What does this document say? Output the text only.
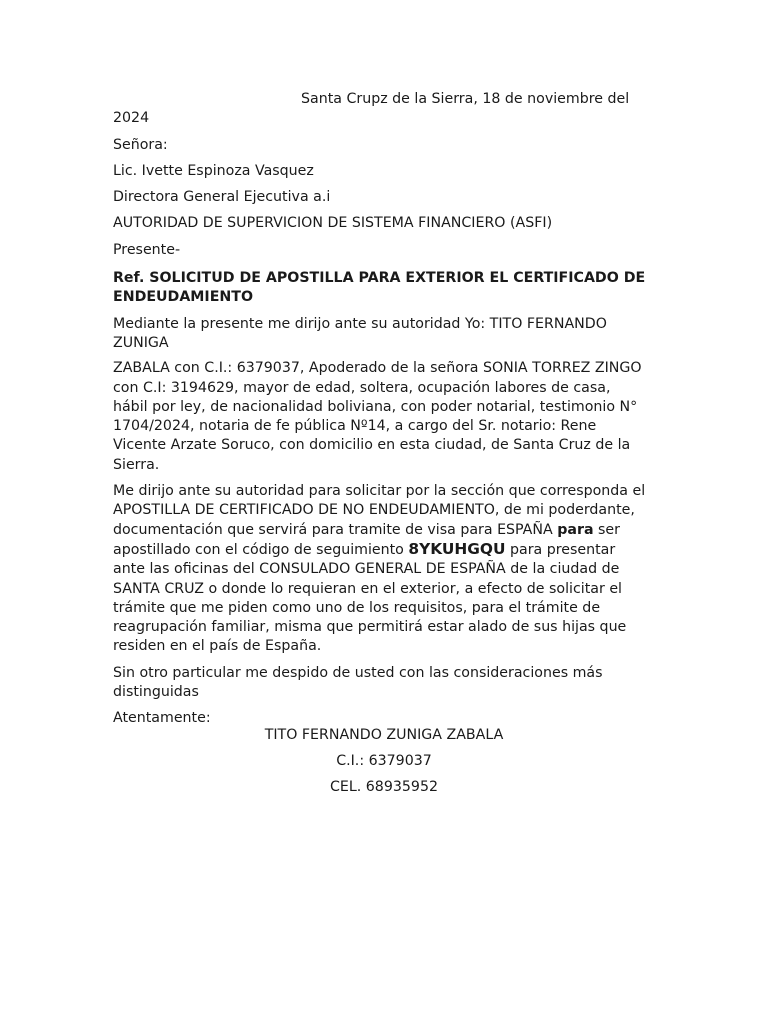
Santa Crupz de la Sierra, 18 de noviembre del 2024

Señora:

Lic. Ivette Espinoza Vasquez

Directora General Ejecutiva a.i

AUTORIDAD DE SUPERVICION DE SISTEMA FINANCIERO (ASFI)

Presente-

Ref. SOLICITUD DE APOSTILLA PARA EXTERIOR EL CERTIFICADO DE ENDEUDAMIENTO

Mediante la presente me dirijo ante su autoridad Yo: TITO FERNANDO ZUNIGA

ZABALA con C.I.: 6379037, Apoderado de la señora SONIA TORREZ ZINGO con C.I: 3194629, mayor de edad, soltera, ocupación labores de casa, hábil por ley, de nacionalidad boliviana, con poder notarial, testimonio N° 1704/2024, notaria de fe pública Nº14, a cargo del Sr. notario: Rene Vicente Arzate Soruco, con domicilio en esta ciudad, de Santa Cruz de la Sierra.

Me dirijo ante su autoridad para solicitar por la sección que corresponda el APOSTILLA DE CERTIFICADO DE NO ENDEUDAMIENTO, de mi poderdante, documentación que servirá para tramite de visa para ESPAÑA para ser apostillado con el código de seguimiento 8YKUHGQU para presentar ante las oficinas del CONSULADO GENERAL DE ESPAÑA de la ciudad de SANTA CRUZ o donde lo requieran en el exterior, a efecto de solicitar el trámite que me piden como uno de los requisitos, para el trámite de reagrupación familiar, misma que permitirá estar alado de sus hijas que residen en el país de España.

Sin otro particular me despido de usted con las consideraciones más distinguidas

Atentamente:

TITO FERNANDO ZUNIGA ZABALA

C.I.: 6379037

CEL. 68935952
